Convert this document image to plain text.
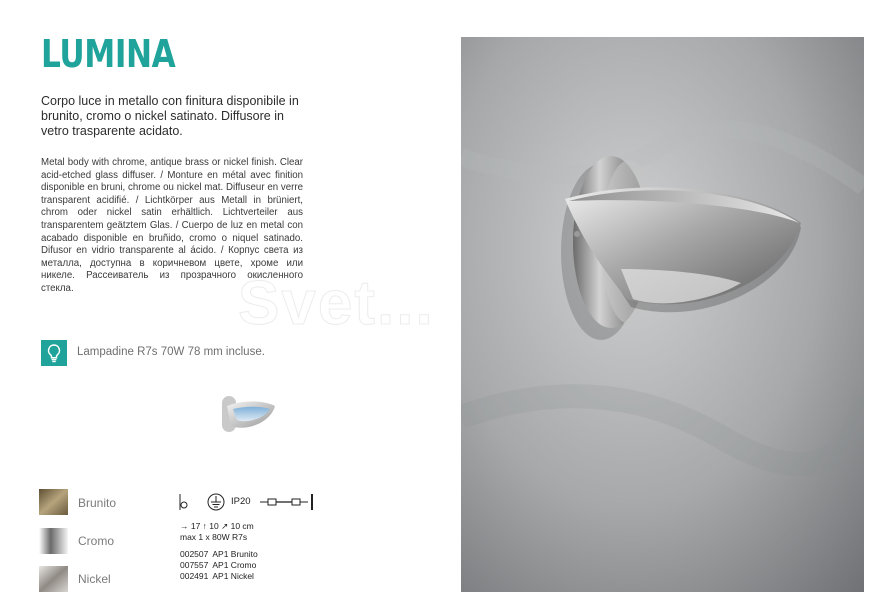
LUMINA

Corpo luce in metallo con finitura disponibile in brunito, cromo o nickel satinato. Diffusore in vetro trasparente acidato.

Metal body with chrome, antique brass or nickel finish. Clear acid-etched glass diffuser. / Monture en métal avec finition disponible en bruni, chrome ou nickel mat. Diffuseur en verre transparent acidifié. / Lichtkörper aus Metall in brüniert, chrom oder nickel satin erhältlich. Lichtverteiler aus transparentem geätztem Glas. / Cuerpo de luz en metal con acabado disponible en bruñido, cromo o niquel satinado. Difusor en vidrio transparente al ácido. / Корпус света из металла, доступна в коричневом цвете, хроме или никеле. Рассеиватель из прозрачного окисленного стекла.

Lampadine R7s 70W 78 mm incluse.
Brunito
Cromo
Nickel
IP20
→ 17 ↑ 10 ↗ 10 cm
max 1 x 80W R7s
002507 AP1 Brunito
007557 AP1 Cromo
002491 AP1 Nickel
Svet...
